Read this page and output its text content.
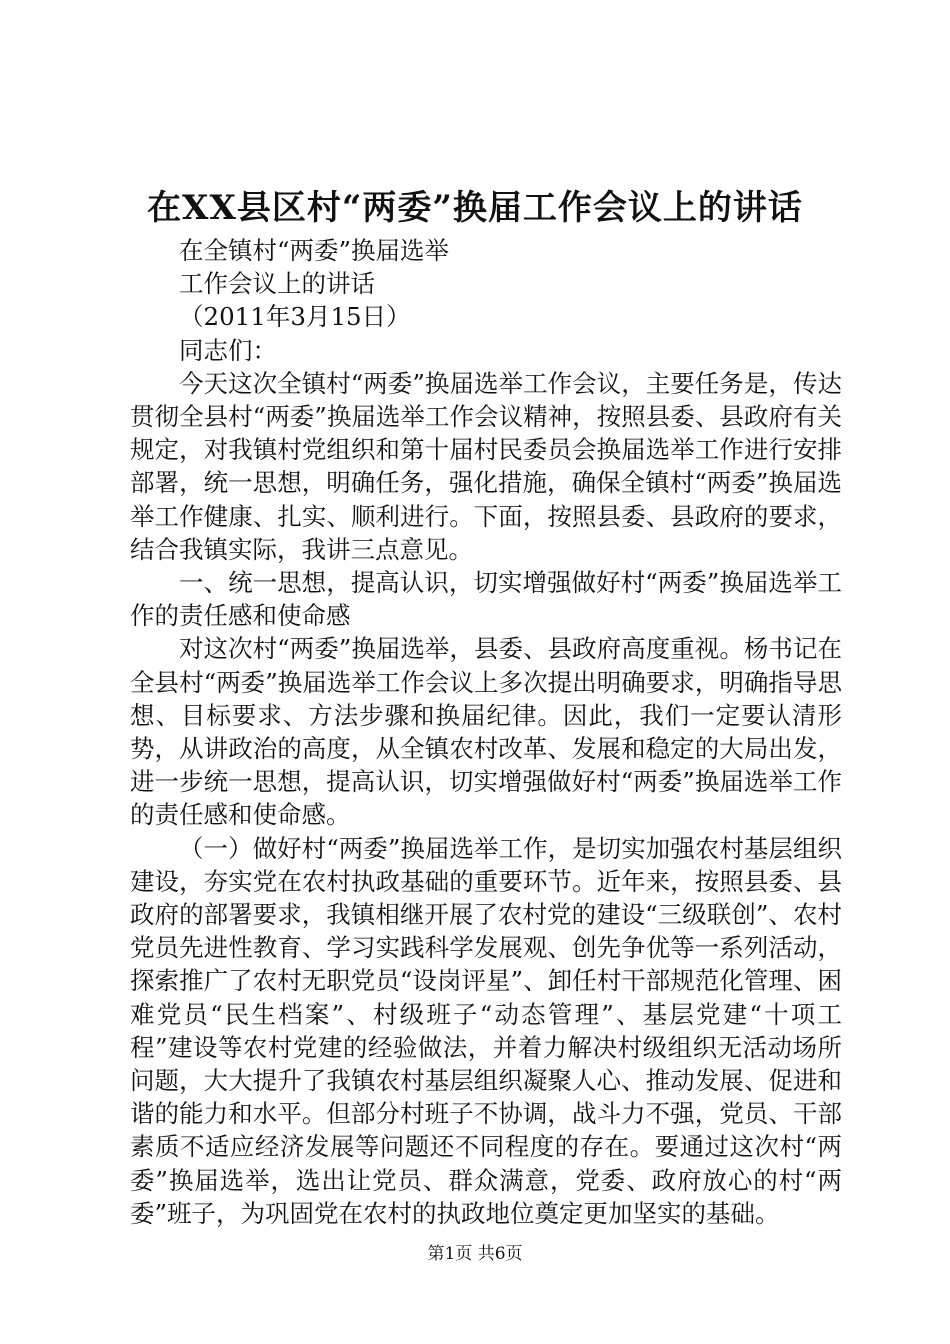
在XX县区村“两委”换届工作会议上的讲话

在全镇村“两委”换届选举

工作会议上的讲话

（2011年3月15日）

同志们：

今天这次全镇村“两委”换届选举工作会议，主要任务是，传达贯彻全县村“两委”换届选举工作会议精神，按照县委、县政府有关规定，对我镇村党组织和第十届村民委员会换届选举工作进行安排部署，统一思想，明确任务，强化措施，确保全镇村“两委”换届选举工作健康、扎实、顺利进行。下面，按照县委、县政府的要求，结合我镇实际，我讲三点意见。

一、统一思想，提高认识，切实增强做好村“两委”换届选举工作的责任感和使命感

对这次村“两委”换届选举，县委、县政府高度重视。杨书记在全县村“两委”换届选举工作会议上多次提出明确要求，明确指导思想、目标要求、方法步骤和换届纪律。因此，我们一定要认清形势，从讲政治的高度，从全镇农村改革、发展和稳定的大局出发，进一步统一思想，提高认识，切实增强做好村“两委”换届选举工作的责任感和使命感。

（一）做好村“两委”换届选举工作，是切实加强农村基层组织建设，夯实党在农村执政基础的重要环节。近年来，按照县委、县政府的部署要求，我镇相继开展了农村党的建设“三级联创”、农村党员先进性教育、学习实践科学发展观、创先争优等一系列活动，探索推广了农村无职党员“设岗评星”、卸任村干部规范化管理、困难党员“民生档案”、村级班子“动态管理”、基层党建“十项工程”建设等农村党建的经验做法，并着力解决村级组织无活动场所问题，大大提升了我镇农村基层组织凝聚人心、推动发展、促进和谐的能力和水平。但部分村班子不协调，战斗力不强，党员、干部素质不适应经济发展等问题还不同程度的存在。要通过这次村“两委”换届选举，选出让党员、群众满意，党委、政府放心的村“两委”班子，为巩固党在农村的执政地位奠定更加坚实的基础。

第1页 共6页
